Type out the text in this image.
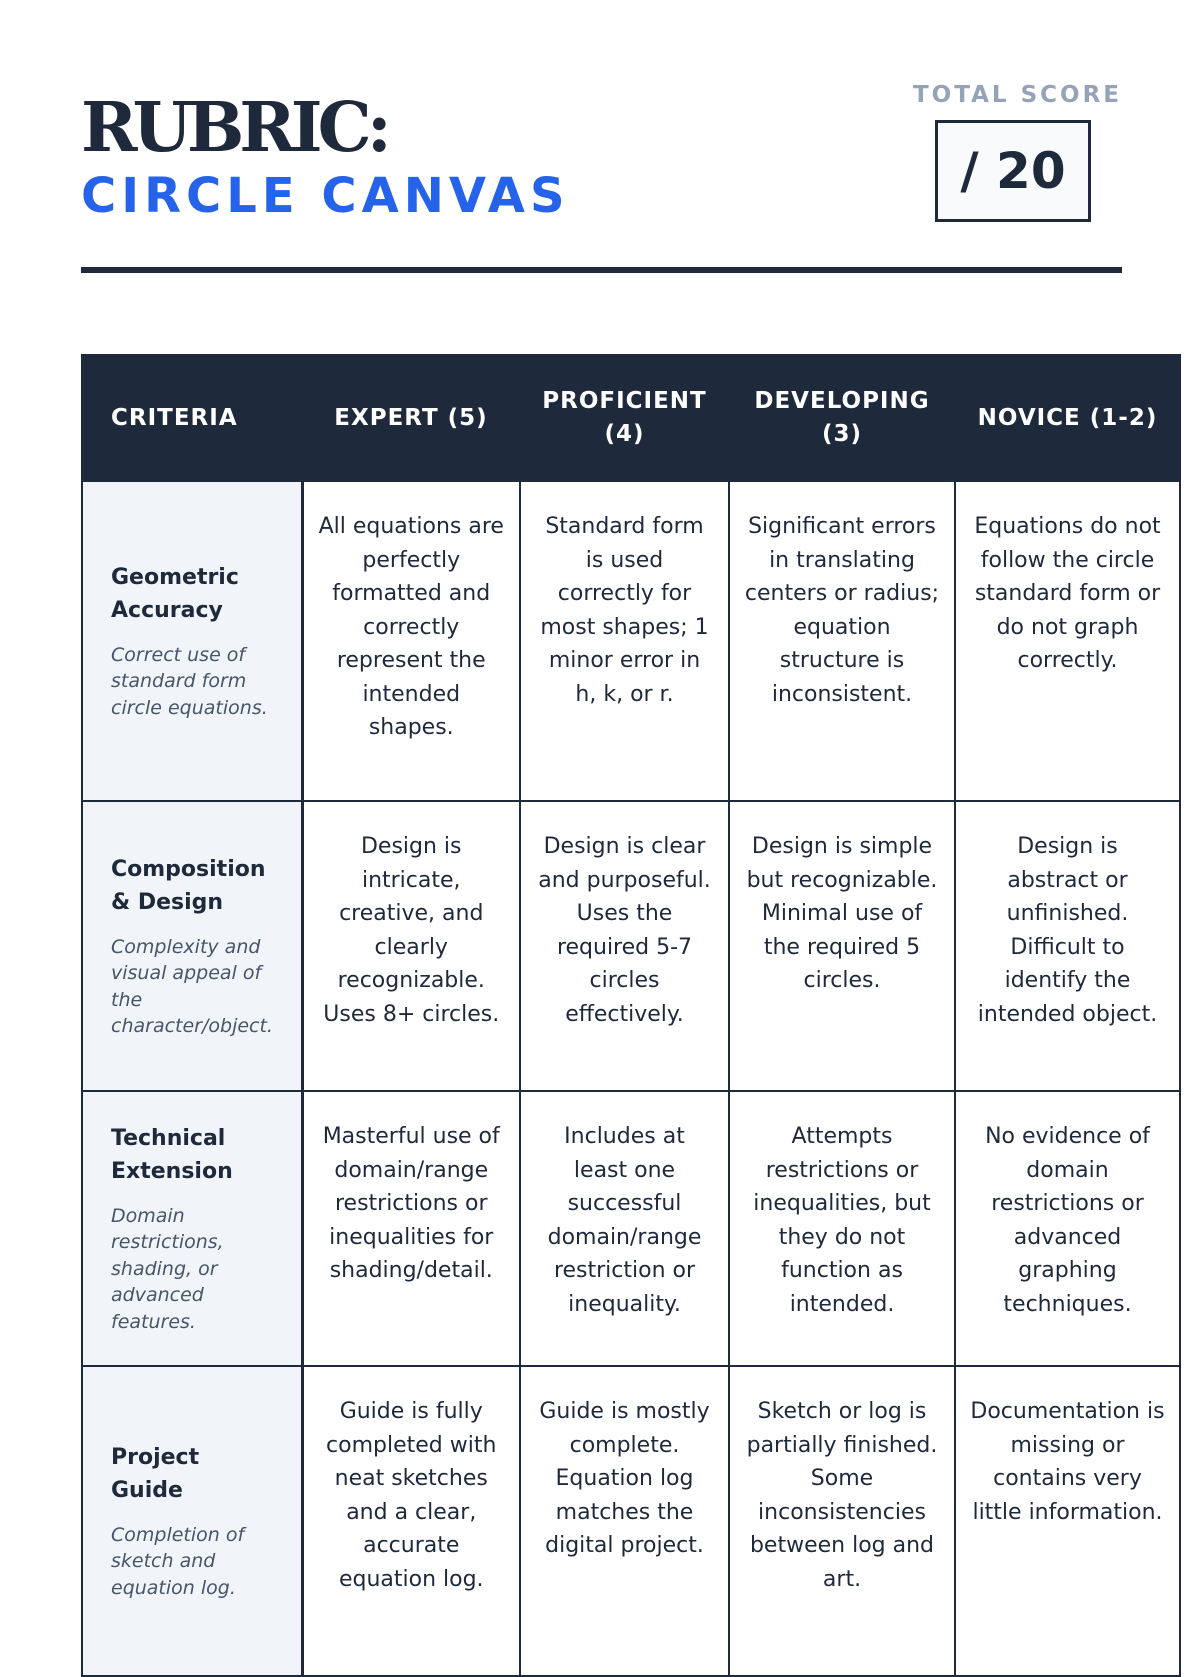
RUBRIC:
CIRCLE CANVAS
TOTAL SCORE
/ 20
CRITERIA	EXPERT (5)	PROFICIENT (4)	DEVELOPING (3)	NOVICE (1-2)

Geometric Accuracy
Correct use of standard form circle equations.	All equations are perfectly formatted and correctly represent the intended shapes.	Standard form is used correctly for most shapes; 1 minor error in h, k, or r.	Significant errors in translating centers or radius; equation structure is inconsistent.	Equations do not follow the circle standard form or do not graph correctly.

Composition & Design
Complexity and visual appeal of the character/object.	Design is intricate, creative, and clearly recognizable. Uses 8+ circles.	Design is clear and purposeful. Uses the required 5-7 circles effectively.	Design is simple but recognizable. Minimal use of the required 5 circles.	Design is abstract or unfinished. Difficult to identify the intended object.

Technical Extension
Domain restrictions, shading, or advanced features.	Masterful use of domain/range restrictions or inequalities for shading/detail.	Includes at least one successful domain/range restriction or inequality.	Attempts restrictions or inequalities, but they do not function as intended.	No evidence of domain restrictions or advanced graphing techniques.

Project Guide
Completion of sketch and equation log.	Guide is fully completed with neat sketches and a clear, accurate equation log.	Guide is mostly complete. Equation log matches the digital project.	Sketch or log is partially finished. Some inconsistencies between log and art.	Documentation is missing or contains very little information.
